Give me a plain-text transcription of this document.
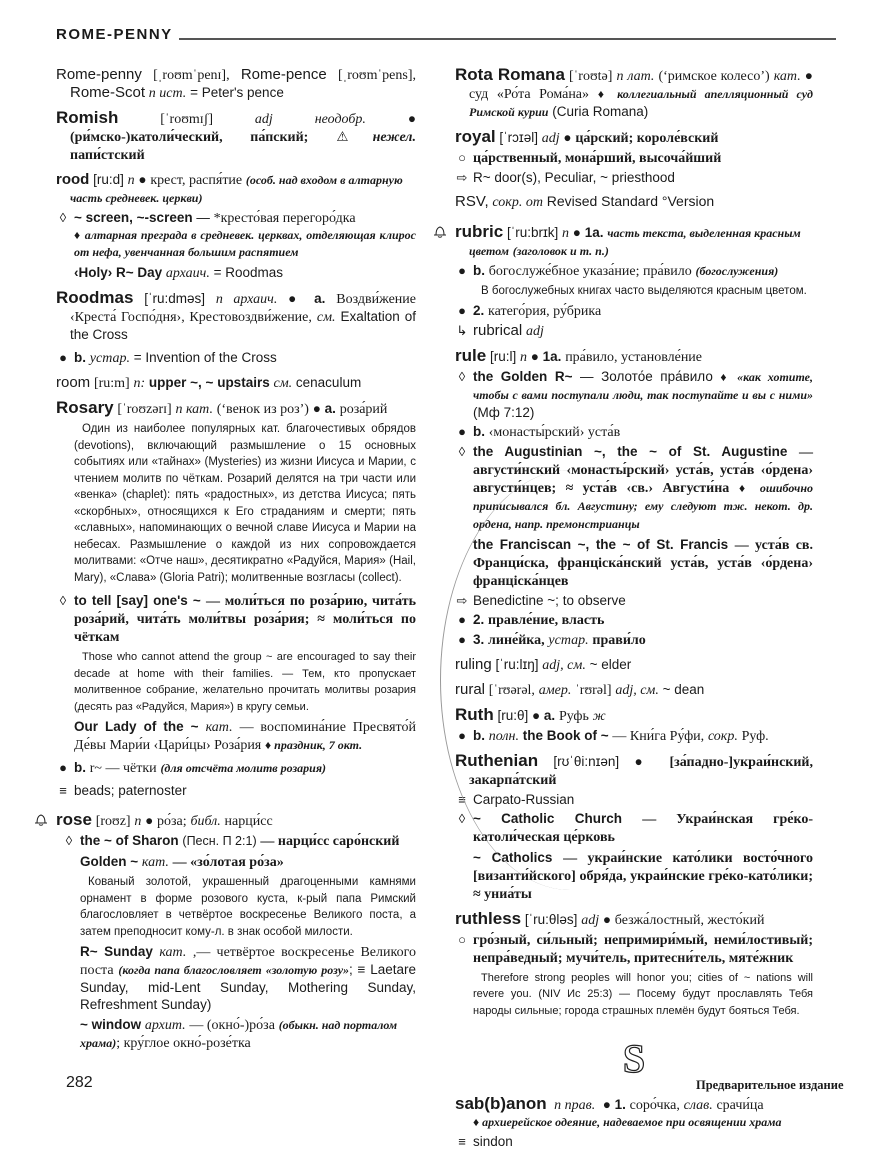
ROME-PENNY
Rome-penny [ˌroʊmˈpenɪ], Rome-pence [ˌroʊmˈpens], Rome-Scot n ист. = Peter's pence
Romish	[ˈroʊmɪʃ]	adj	неодобр.	● (ри́мско-)католи́ческий, па́пский; ⚠нежел. папи́стский
rood [ru:d] n ● крест, распя́тие (особ. над входом в алтарную часть средневек. церкви)
◊ ~ screen, ~-screen — *кресто́вая перегоро́дка
♦ алтарная преграда в средневек. церквах, отделяющая клирос от нефа, увенчанная большим распятием
‹Holy› R~ Day архаич. = Roodmas
Roodmas [ˈru:dməs] n архаич. ● a. Воздви́жение ‹Креста́ Госпо́дня›, Крестовоздви́жение, см. Exaltation of the Cross
● b. устар. = Invention of the Cross
room [ru:m] n: upper ~, ~ upstairs см. cenaculum
Rosary [ˈroʊzərɪ] n кат. (‘венок из роз’) ● a. роза́рий
Один из наиболее популярных кат. благочестивых обрядов (devotions), включающий размышление о 15 основных событиях или «тайнах» (Mysteries) из жизни Иисуса и Марии, с чтением молитв по чёткам. Розарий делятся на три части или «венка» (chaplet): пять «радостных», из детства Иисуса; пять «скорбных», относящихся к Его страданиям и смерти; пять «славных», напоминающих о вечной славе Иисуса и Марии на небесах. Размышление о каждой из них сопровождается молитвами: «Отче наш», десятикратно «Радуйся, Мария» (Hail, Mary), «Слава» (Gloria Patri); молитвенные возгласы (collect).
◊ to tell [say] one's ~ — моли́ться по роза́рию, чита́ть роза́рий, чита́ть моли́твы роза́рия; ≈ моли́ться по чёткам
Those who cannot attend the group ~ are encouraged to say their decade at home with their families. — Тем, кто пропускает молитвенное собрание, желательно прочитать молитвы розария (десять раз «Радуйся, Мария») в кругу семьи.
Our Lady of the ~ кат. — воспомина́ние Пресвято́й Де́вы Мари́и ‹Цари́цы› Роза́рия ♦ праздник, 7 окт.
● b. r~ — чётки (для отсчёта молитв розария)
≡ beads; paternoster
rose [roʊz] n ● ро́за; библ. нарци́сс
◊ the ~ of Sharon (Песн. П 2:1) — нарци́сс саро́нский
Golden ~ кат. — «зо́лотая ро́за»
Кованый золотой, украшенный драгоценными камнями орнамент в форме розового куста, к-рый папа Римский благословляет в четвёртое воскресенье Великого поста, а затем преподносит кому-л. в знак особой милости.
R~ Sunday кат. ,— четвёртое воскресенье Великого поста (когда папа благословляет «золотую розу»; ≡ Laetare Sunday, mid-Lent Sunday, Mothering Sunday, Refreshment Sunday)
~ window архит. — (окно́-)ро́за (обыкн. над порталом храма); кру́глое окно́-розе́тка
Rota Romana [ˈroʊtə] n лат. (‘римское колесо’) кат. ● суд «Ро́та Рома́на» ♦ коллегиальный апелляционный суд Римской курии (Curia Romana)
royal [ˈrɔɪəl] adj ● ца́рский; короле́вский
○ ца́рственный, мона́рший, высоча́йший
⇨ R~ door(s), Peculiar, ~ priesthood
RSV, сокр. от Revised Standard °Version
rubric [ˈru:brɪk] n ● 1a. часть текста, выделенная красным цветом (заголовок и т. п.)
● b. богослуже́бное указа́ние; пра́вило (богослужения)
В богослужебных книгах часто выделяются красным цветом.
● 2. катего́рия, ру́брика
↳ rubrical adj
rule [ru:l] n ● 1a. пра́вило, установле́ние
◊ the Golden R~ — Золото́е пра́вило ♦ «как хотите, чтобы с вами поступали люди, так поступайте и вы с ними» (Мф 7:12)
● b. ‹монасты́рский› уста́в
◊ the Augustinian ~, the ~ of St. Augustine — августи́нский ‹монасты́рский› уста́в, уста́в ‹о́рдена› августи́нцев; ≈ уста́в ‹св.› Августи́на ♦ ошибочно приписывался бл. Августину; ему следуют тж. некот. др. ордена, напр. премонстрианцы
the Franciscan ~, the ~ of St. Francis — уста́в св. Франци́ска, францiска́нский уста́в, уста́в ‹о́рдена› францiска́нцев
⇨ Benedictine ~; to observe
● 2. правле́ние, власть
● 3. лине́йка, устар. прави́ло
ruling [ˈru:lɪŋ] adj, см. ~ elder
rural [ˈrʊərəl, амер. ˈrʊrəl] adj, см. ~ dean
Ruth [ru:θ] ● a. Руфь ж
● b. полн. the Book of ~ — Кни́га Ру́фи, сокр. Руф.
Ruthenian [rʊˈθi:nɪən] ● [за́падно-]украи́нский, закарпа́тский
≡ Carpato-Russian
◊ ~ Catholic Church — Украи́нская гре́ко-католи́ческая це́рковь
~ Catholics — украи́нские като́лики восто́чного [византи́йского] обря́да, украи́нские гре́ко-като́лики; ≈ униа́ты
ruthless [ˈru:θləs] adj ● безжа́лостный, жесто́кий
○ гро́зный, си́льный; непримири́мый, неми́лостивый; непра́ведный; мучи́тель, притесни́тель, мяте́жник
Therefore strong peoples will honor you; cities of ~ nations will revere you. (NIV Ис 25:3) — Посему будут прославлять Тебя народы сильные; города страшных племён будут бояться Тебя.
S
sab(b)anon n прав. ● 1. соро́чка, слав. срачи́ца
♦ архиерейское одеяние, надеваемое при освящении храма
≡ sindon
282	Предварительное издание
